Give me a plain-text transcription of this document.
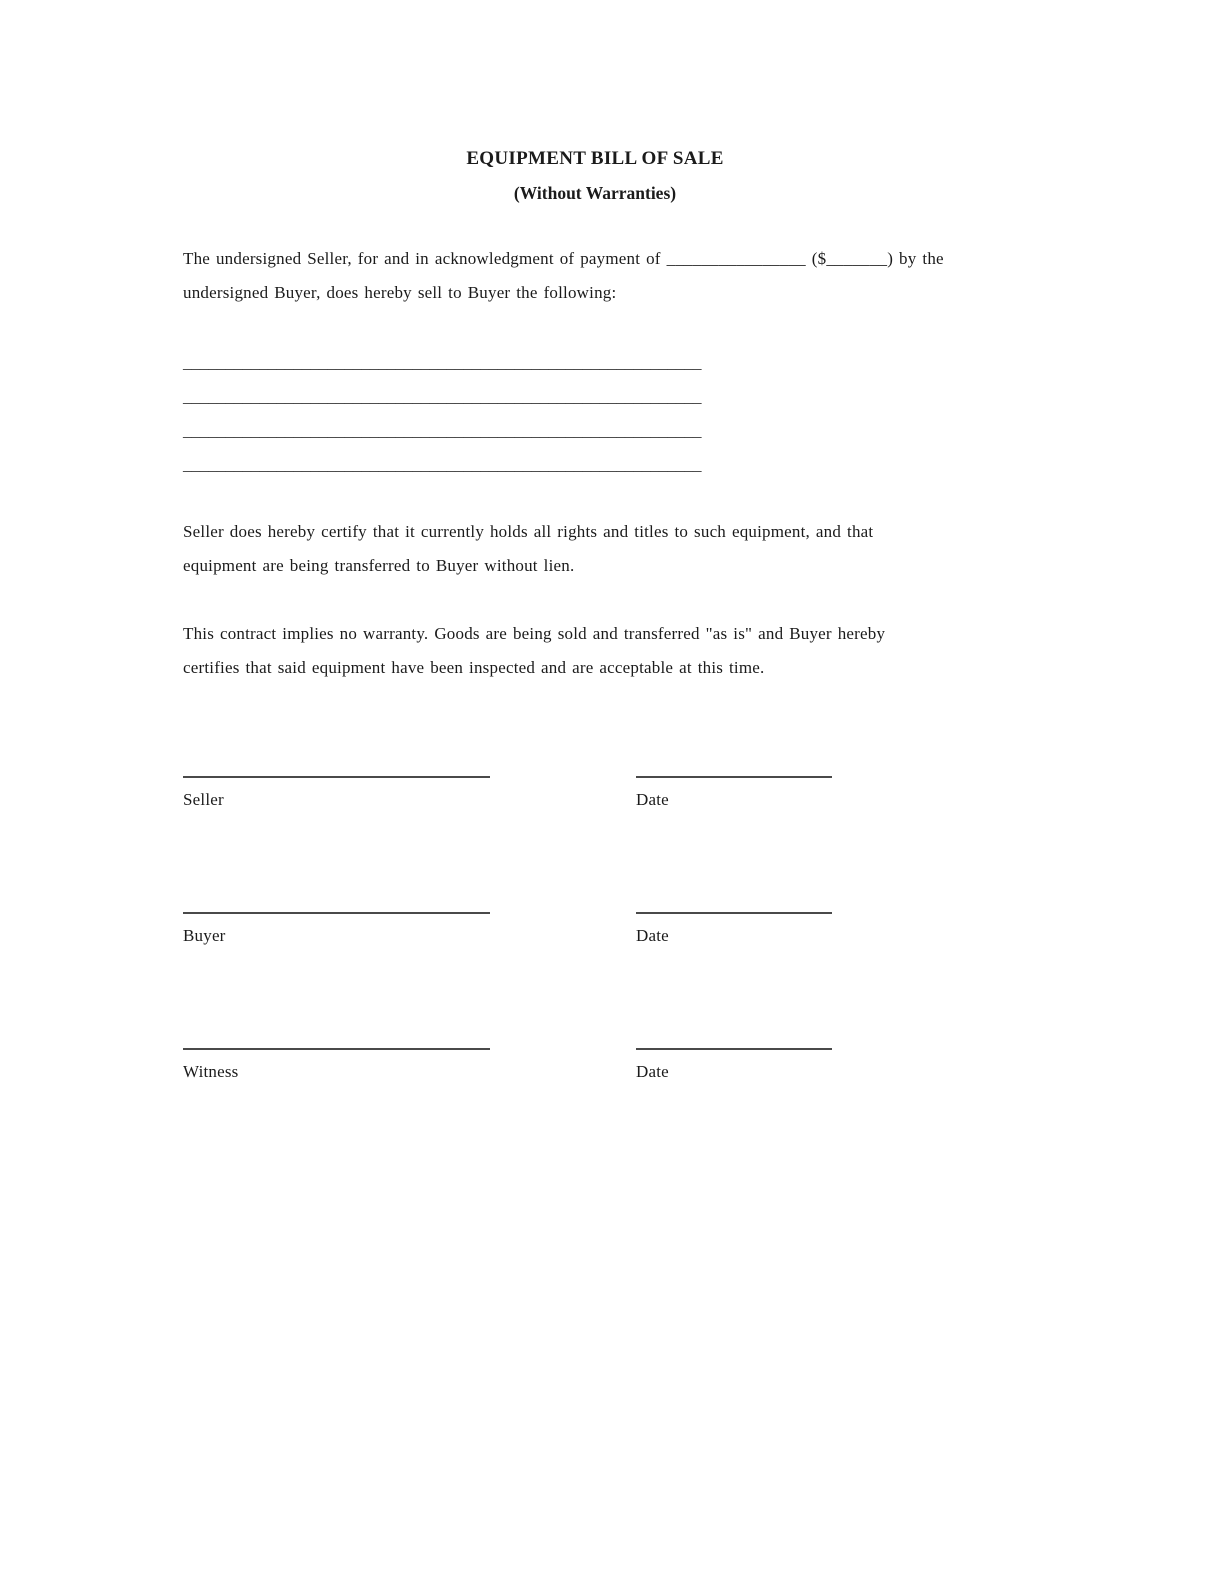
EQUIPMENT BILL OF SALE
(Without Warranties)

The undersigned Seller, for and in acknowledgment of payment of ________________ ($_______) by the
undersigned Buyer, does hereby sell to Buyer the following:

_____________________________________________________________
_____________________________________________________________
_____________________________________________________________
_____________________________________________________________

Seller does hereby certify that it currently holds all rights and titles to such equipment, and that
equipment are being transferred to Buyer without lien.

This contract implies no warranty. Goods are being sold and transferred "as is" and Buyer hereby
certifies that said equipment have been inspected and are acceptable at this time.

Seller	Date
Buyer	Date
Witness	Date
